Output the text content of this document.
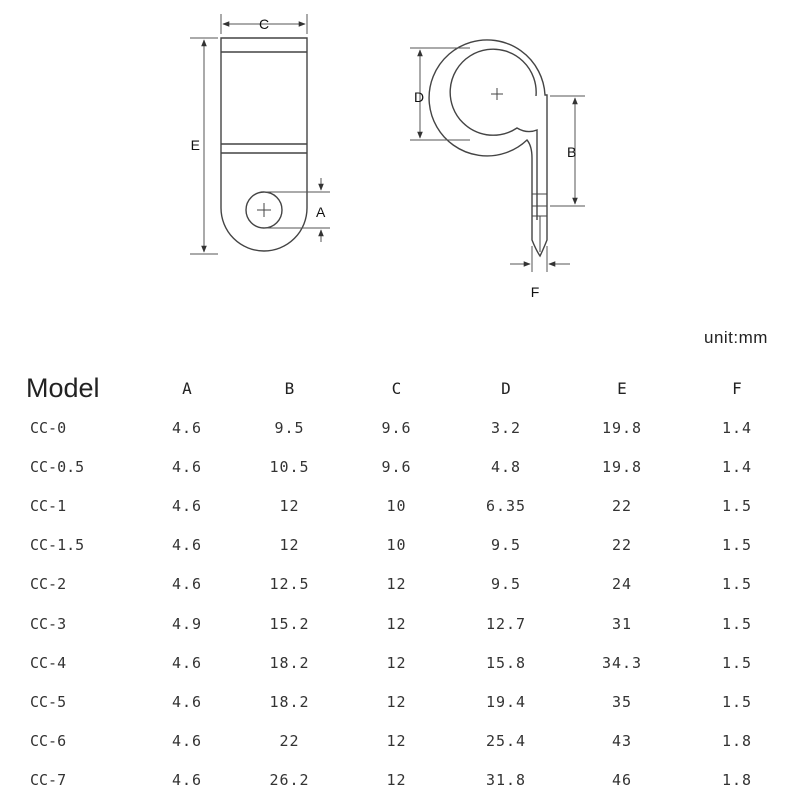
C
E
A
D
B
F
unit:mm
Model	A	B	C	D	E	F
CC-0	4.6	9.5	9.6	3.2	19.8	1.4
CC-0.5	4.6	10.5	9.6	4.8	19.8	1.4
CC-1	4.6	12	10	6.35	22	1.5
CC-1.5	4.6	12	10	9.5	22	1.5
CC-2	4.6	12.5	12	9.5	24	1.5
CC-3	4.9	15.2	12	12.7	31	1.5
CC-4	4.6	18.2	12	15.8	34.3	1.5
CC-5	4.6	18.2	12	19.4	35	1.5
CC-6	4.6	22	12	25.4	43	1.8
CC-7	4.6	26.2	12	31.8	46	1.8
